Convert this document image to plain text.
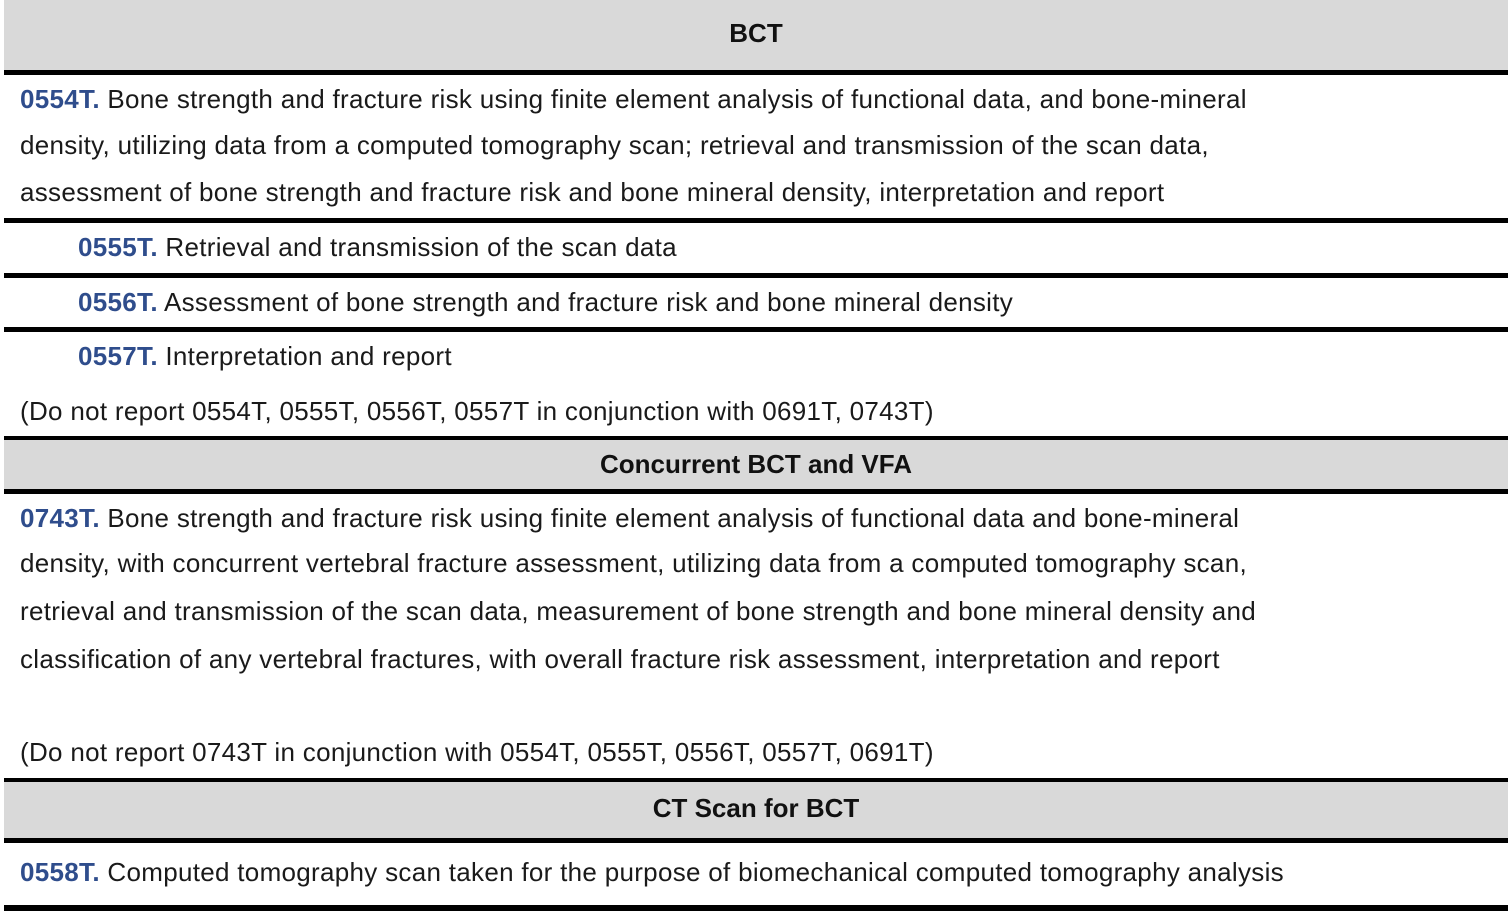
BCT
0554T. Bone strength and fracture risk using finite element analysis of functional data, and bone-mineral
density, utilizing data from a computed tomography scan; retrieval and transmission of the scan data,
assessment of bone strength and fracture risk and bone mineral density, interpretation and report
0555T. Retrieval and transmission of the scan data
0556T. Assessment of bone strength and fracture risk and bone mineral density
0557T. Interpretation and report
(Do not report 0554T, 0555T, 0556T, 0557T in conjunction with 0691T, 0743T)
Concurrent BCT and VFA
0743T. Bone strength and fracture risk using finite element analysis of functional data and bone-mineral
density, with concurrent vertebral fracture assessment, utilizing data from a computed tomography scan,
retrieval and transmission of the scan data, measurement of bone strength and bone mineral density and
classification of any vertebral fractures, with overall fracture risk assessment, interpretation and report
(Do not report 0743T in conjunction with 0554T, 0555T, 0556T, 0557T, 0691T)
CT Scan for BCT
0558T. Computed tomography scan taken for the purpose of biomechanical computed tomography analysis
